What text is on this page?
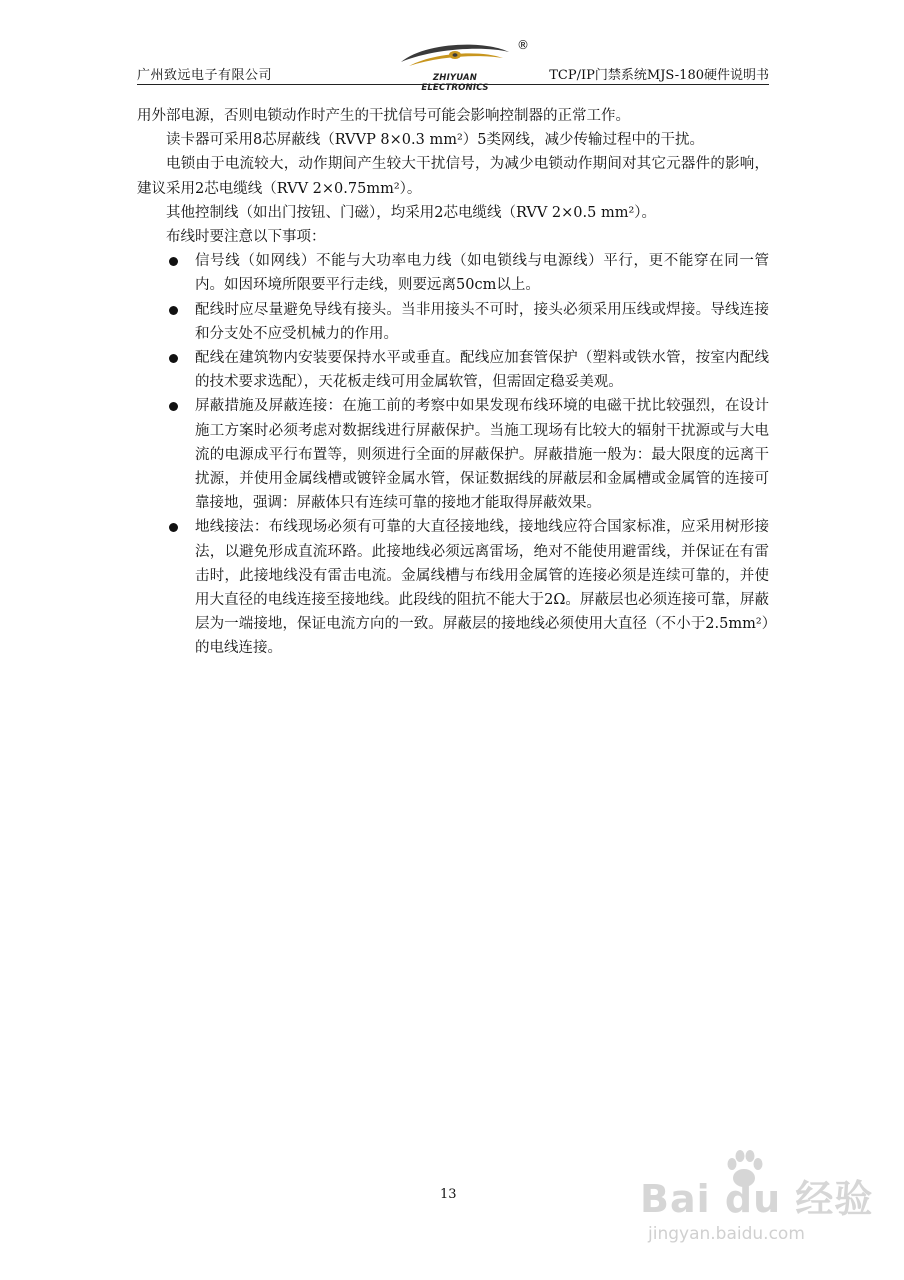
广州致远电子有限公司	ZHIYUAN ELECTRONICS
®
TCP/IP门禁系统MJS-180硬件说明书

用外部电源，否则电锁动作时产生的干扰信号可能会影响控制器的正常工作。

读卡器可采用8芯屏蔽线（RVVP 8×0.3 mm²）5类网线，减少传输过程中的干扰。

电锁由于电流较大，动作期间产生较大干扰信号，为减少电锁动作期间对其它元器件的影响，建议采用2芯电缆线（RVV 2×0.75mm²）。

其他控制线（如出门按钮、门磁），均采用2芯电缆线（RVV 2×0.5 mm²）。

布线时要注意以下事项：

信号线（如网线）不能与大功率电力线（如电锁线与电源线）平行，更不能穿在同一管内。如因环境所限要平行走线，则要远离50cm以上。
配线时应尽量避免导线有接头。当非用接头不可时，接头必须采用压线或焊接。导线连接和分支处不应受机械力的作用。
配线在建筑物内安装要保持水平或垂直。配线应加套管保护（塑料或铁水管，按室内配线的技术要求选配），天花板走线可用金属软管，但需固定稳妥美观。
屏蔽措施及屏蔽连接：在施工前的考察中如果发现布线环境的电磁干扰比较强烈，在设计施工方案时必须考虑对数据线进行屏蔽保护。当施工现场有比较大的辐射干扰源或与大电流的电源成平行布置等，则须进行全面的屏蔽保护。屏蔽措施一般为：最大限度的远离干扰源，并使用金属线槽或镀锌金属水管，保证数据线的屏蔽层和金属槽或金属管的连接可靠接地，强调：屏蔽体只有连续可靠的接地才能取得屏蔽效果。
地线接法：布线现场必须有可靠的大直径接地线，接地线应符合国家标准，应采用树形接法，以避免形成直流环路。此接地线必须远离雷场，绝对不能使用避雷线，并保证在有雷击时，此接地线没有雷击电流。金属线槽与布线用金属管的连接必须是连续可靠的，并使用大直径的电线连接至接地线。此段线的阻抗不能大于2Ω。屏蔽层也必须连接可靠，屏蔽层为一端接地，保证电流方向的一致。屏蔽层的接地线必须使用大直径（不小于2.5mm²）的电线连接。
13	Bai du 经验
jingyan.baidu.com
